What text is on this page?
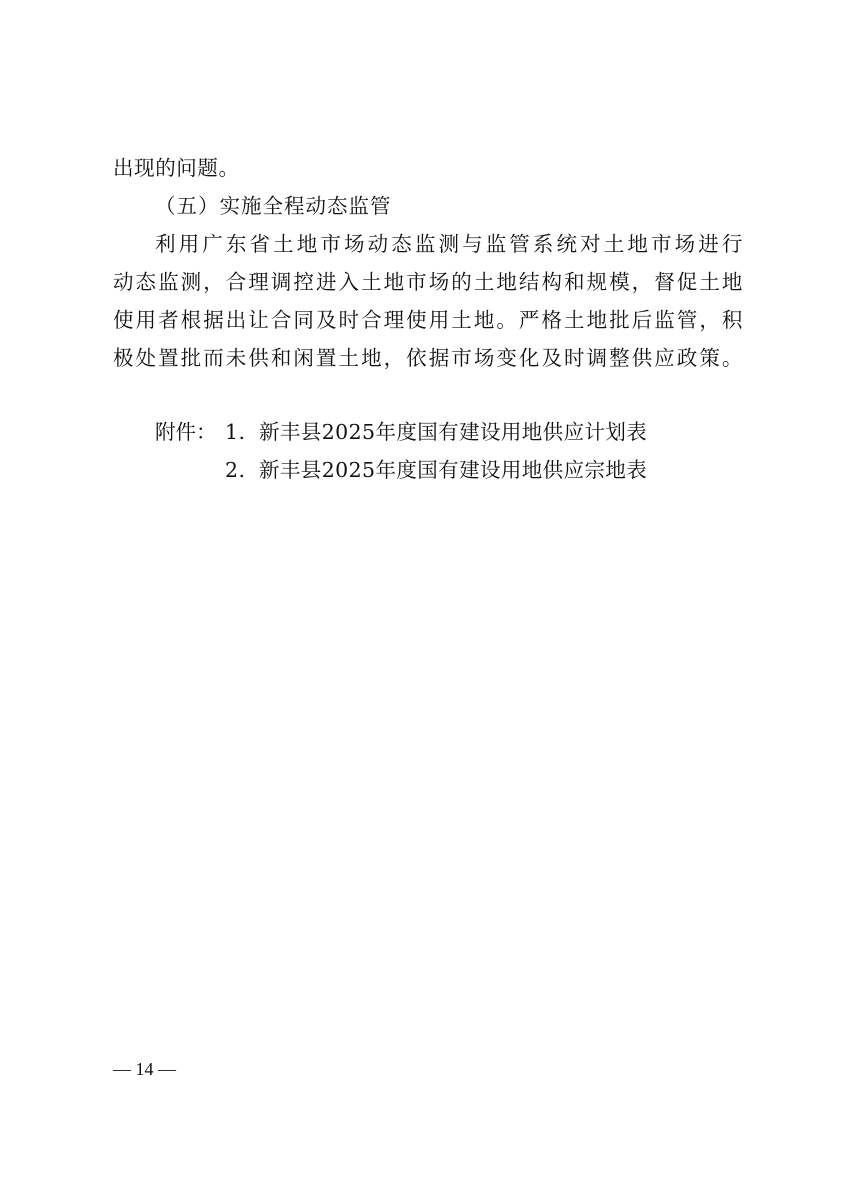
出现的问题。
（五）实施全程动态监管
利用广东省土地市场动态监测与监管系统对土地市场进行
动态监测，合理调控进入土地市场的土地结构和规模，督促土地
使用者根据出让合同及时合理使用土地。严格土地批后监管，积
极处置批而未供和闲置土地，依据市场变化及时调整供应政策。
附件： 1. 新丰县2025年度国有建设用地供应计划表
2. 新丰县2025年度国有建设用地供应宗地表
— 14 —
